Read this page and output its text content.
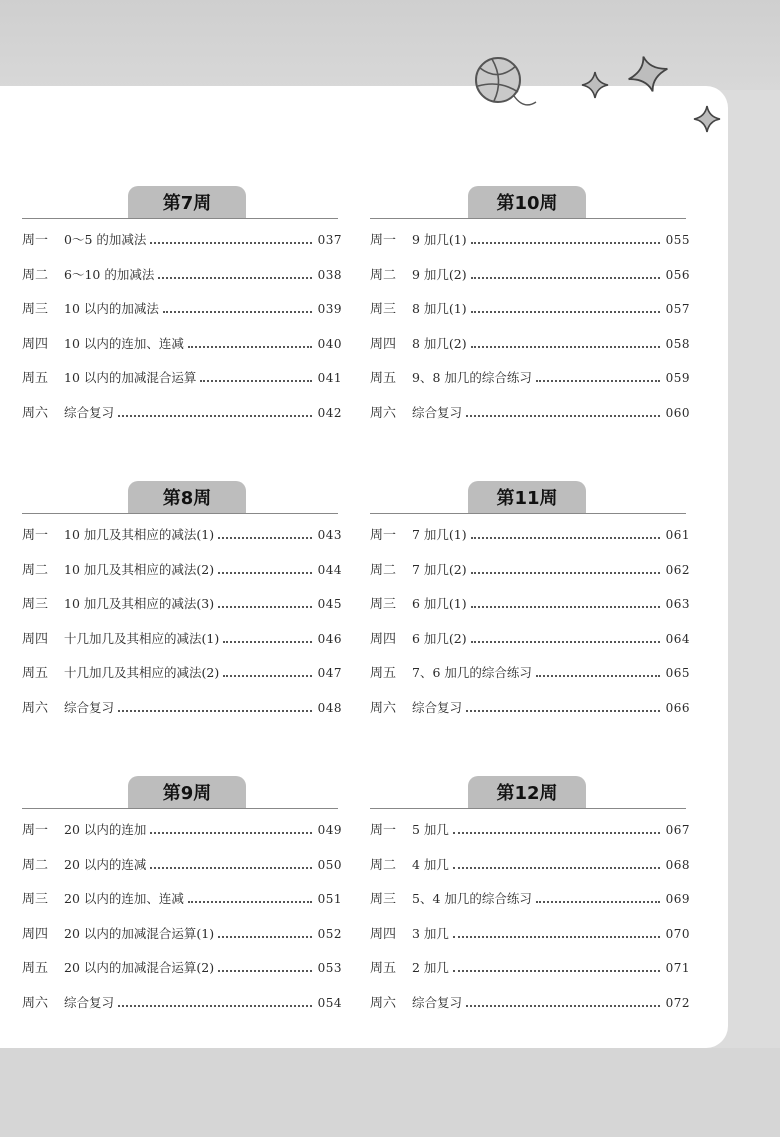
第7周
周一	0～5 的加减法	037
周二	6～10 的加减法	038
周三	10 以内的加减法	039
周四	10 以内的连加、连减	040
周五	10 以内的加减混合运算	041
周六	综合复习	042
第10周
周一	9 加几(1)	055
周二	9 加几(2)	056
周三	8 加几(1)	057
周四	8 加几(2)	058
周五	9、8 加几的综合练习	059
周六	综合复习	060
第8周
周一	10 加几及其相应的减法(1)	043
周二	10 加几及其相应的减法(2)	044
周三	10 加几及其相应的减法(3)	045
周四	十几加几及其相应的减法(1)	046
周五	十几加几及其相应的减法(2)	047
周六	综合复习	048
第11周
周一	7 加几(1)	061
周二	7 加几(2)	062
周三	6 加几(1)	063
周四	6 加几(2)	064
周五	7、6 加几的综合练习	065
周六	综合复习	066
第9周
周一	20 以内的连加	049
周二	20 以内的连减	050
周三	20 以内的连加、连减	051
周四	20 以内的加减混合运算(1)	052
周五	20 以内的加减混合运算(2)	053
周六	综合复习	054
第12周
周一	5 加几	067
周二	4 加几	068
周三	5、4 加几的综合练习	069
周四	3 加几	070
周五	2 加几	071
周六	综合复习	072
